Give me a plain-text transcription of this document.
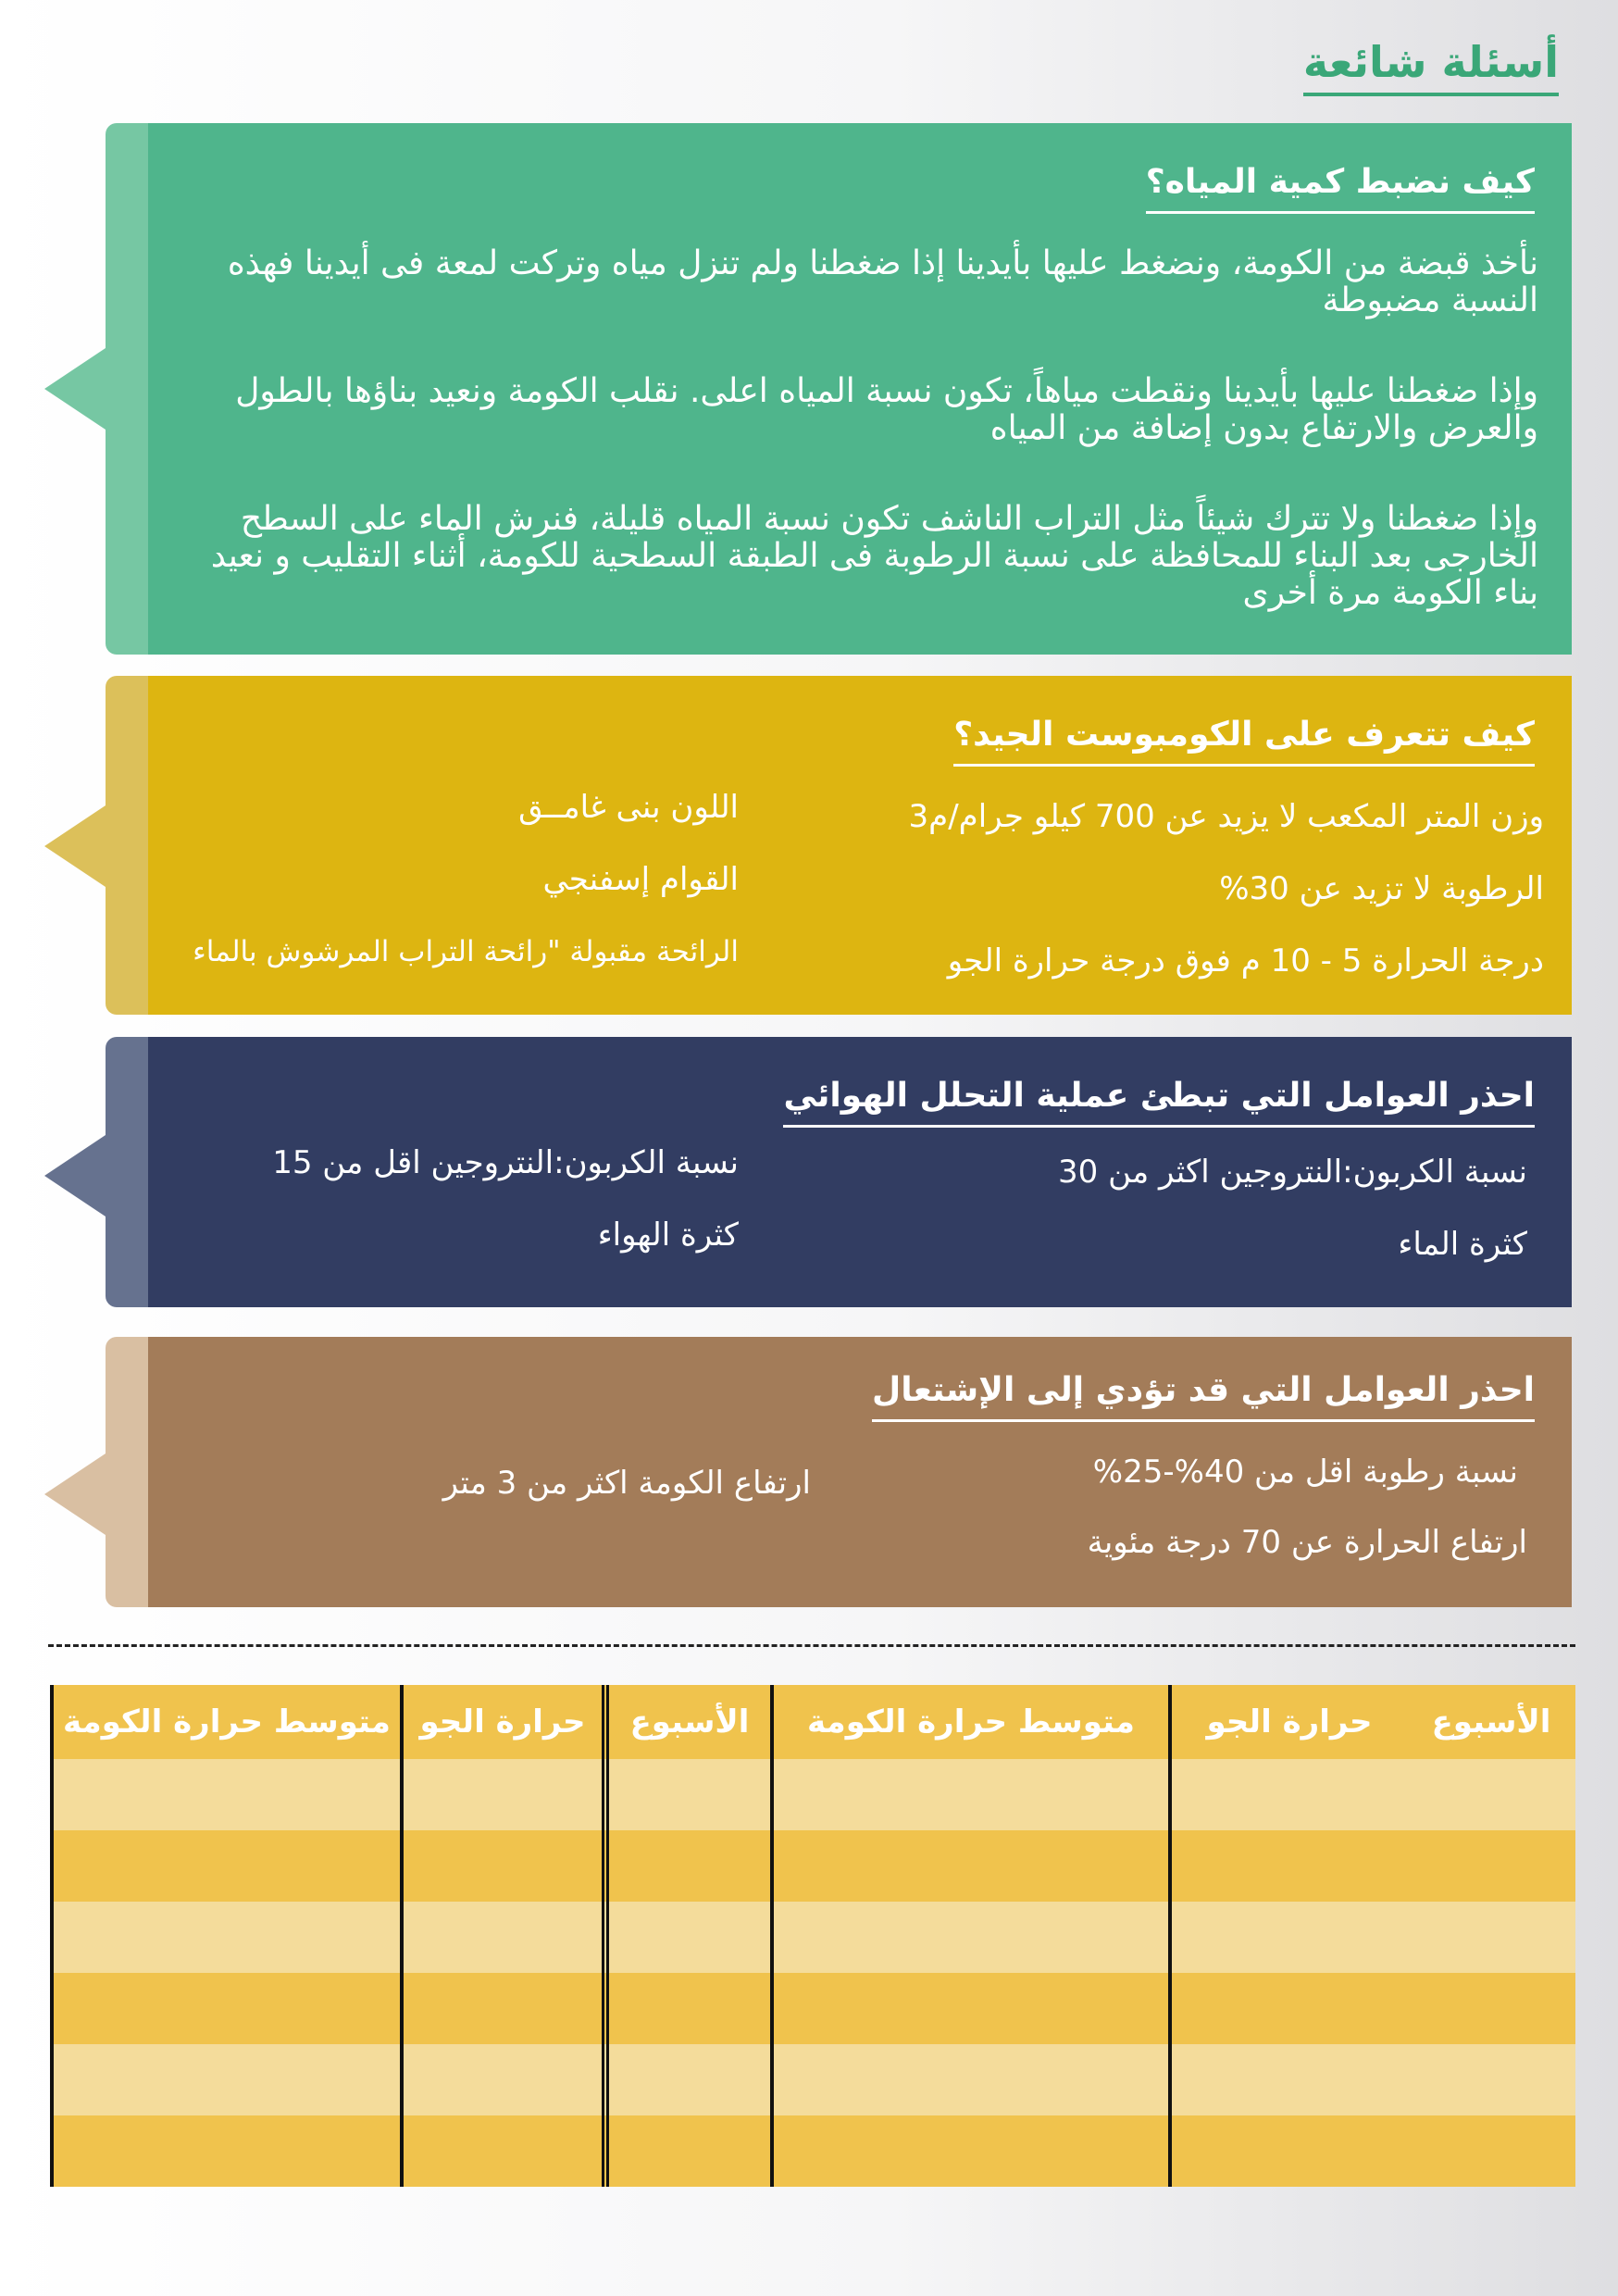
أسئلة شائعة
كيف نضبط كمية المياه؟

نأخذ قبضة من الكومة، ونضغط عليها بأيدينا إذا ضغطنا ولم تنزل مياه وتركت لمعة فى أيدينا فهذه النسبة مضبوطة

وإذا ضغطنا عليها بأيدينا ونقطت مياهاً، تكون نسبة المياه اعلى. نقلب الكومة ونعيد بناؤها بالطول والعرض والارتفاع بدون إضافة من المياه

وإذا ضغطنا ولا تترك شيئاً مثل التراب الناشف تكون نسبة المياه قليلة، فنرش الماء على السطح الخارجى بعد البناء للمحافظة على نسبة الرطوبة فى الطبقة السطحية للكومة، أثناء التقليب و نعيد بناء الكومة مرة أخرى

كيف تتعرف على الكومبوست الجيد؟

وزن المتر المكعب لا يزيد عن 700 كيلو جرام/م3

الرطوبة لا تزيد عن 30%

درجة الحرارة 5 - 10 م فوق درجة حرارة الجو

اللون بنى غامــق

القوام إسفنجي

الرائحة مقبولة "رائحة التراب المرشوش بالماء

احذر العوامل التي تبطئ عملية التحلل الهوائي

نسبة الكربون:النتروجين اكثر من 30

كثرة الماء

نسبة الكربون:النتروجين اقل من 15

كثرة الهواء

احذر العوامل التي قد تؤدي إلى الإشتعال

نسبة رطوبة اقل من 40%-25%

ارتفاع الحرارة عن 70 درجة مئوية

ارتفاع الكومة اكثر من 3 متر

الأسبوع	حرارة الجو	متوسط حرارة الكومة	الأسبوع	حرارة الجو	متوسط حرارة الكومة
